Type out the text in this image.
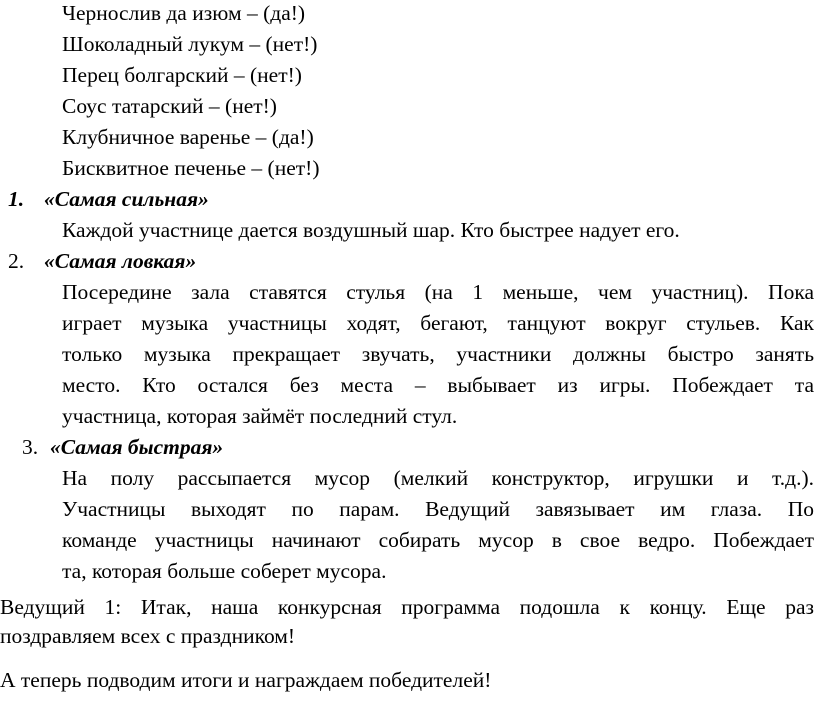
Чернослив да изюм – (да!)
Шоколадный лукум – (нет!)
Перец болгарский – (нет!)
Соус татарский – (нет!)
Клубничное варенье – (да!)
Бисквитное печенье – (нет!)
1. «Самая сильная»
Каждой участнице дается воздушный шар. Кто быстрее надует его.
2. «Самая ловкая»
Посередине зала ставятся стулья (на 1 меньше, чем участниц). Пока
играет музыка участницы ходят, бегают, танцуют вокруг стульев. Как
только музыка прекращает звучать, участники должны быстро занять
место. Кто остался без места – выбывает из игры. Побеждает та
участница, которая займёт последний стул.
3. «Самая быстрая»
На полу рассыпается мусор (мелкий конструктор, игрушки и т.д.).
Участницы выходят по парам. Ведущий завязывает им глаза. По
команде участницы начинают собирать мусор в свое ведро. Побеждает
та, которая больше соберет мусора.
Ведущий 1: Итак, наша конкурсная программа подошла к концу. Еще раз
поздравляем всех с праздником!
А теперь подводим итоги и награждаем победителей!
